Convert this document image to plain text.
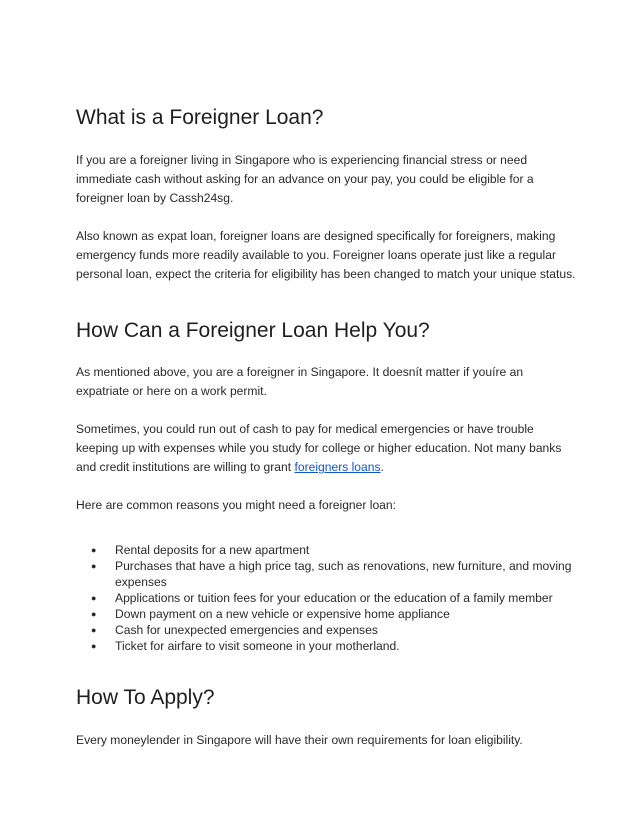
What is a Foreigner Loan?

If you are a foreigner living in Singapore who is experiencing financial stress or need immediate cash without asking for an advance on your pay, you could be eligible for a foreigner loan by Cassh24sg.

Also known as expat loan, foreigner loans are designed specifically for foreigners, making emergency funds more readily available to you. Foreigner loans operate just like a regular personal loan, expect the criteria for eligibility has been changed to match your unique status.

How Can a Foreigner Loan Help You?

As mentioned above, you are a foreigner in Singapore. It doesnít matter if youíre an expatriate or here on a work permit.

Sometimes, you could run out of cash to pay for medical emergencies or have trouble keeping up with expenses while you study for college or higher education. Not many banks and credit institutions are willing to grant foreigners loans.

Here are common reasons you might need a foreigner loan:

● Rental deposits for a new apartment
● Purchases that have a high price tag, such as renovations, new furniture, and moving expenses
● Applications or tuition fees for your education or the education of a family member
● Down payment on a new vehicle or expensive home appliance
● Cash for unexpected emergencies and expenses
● Ticket for airfare to visit someone in your motherland.
How To Apply?

Every moneylender in Singapore will have their own requirements for loan eligibility.
